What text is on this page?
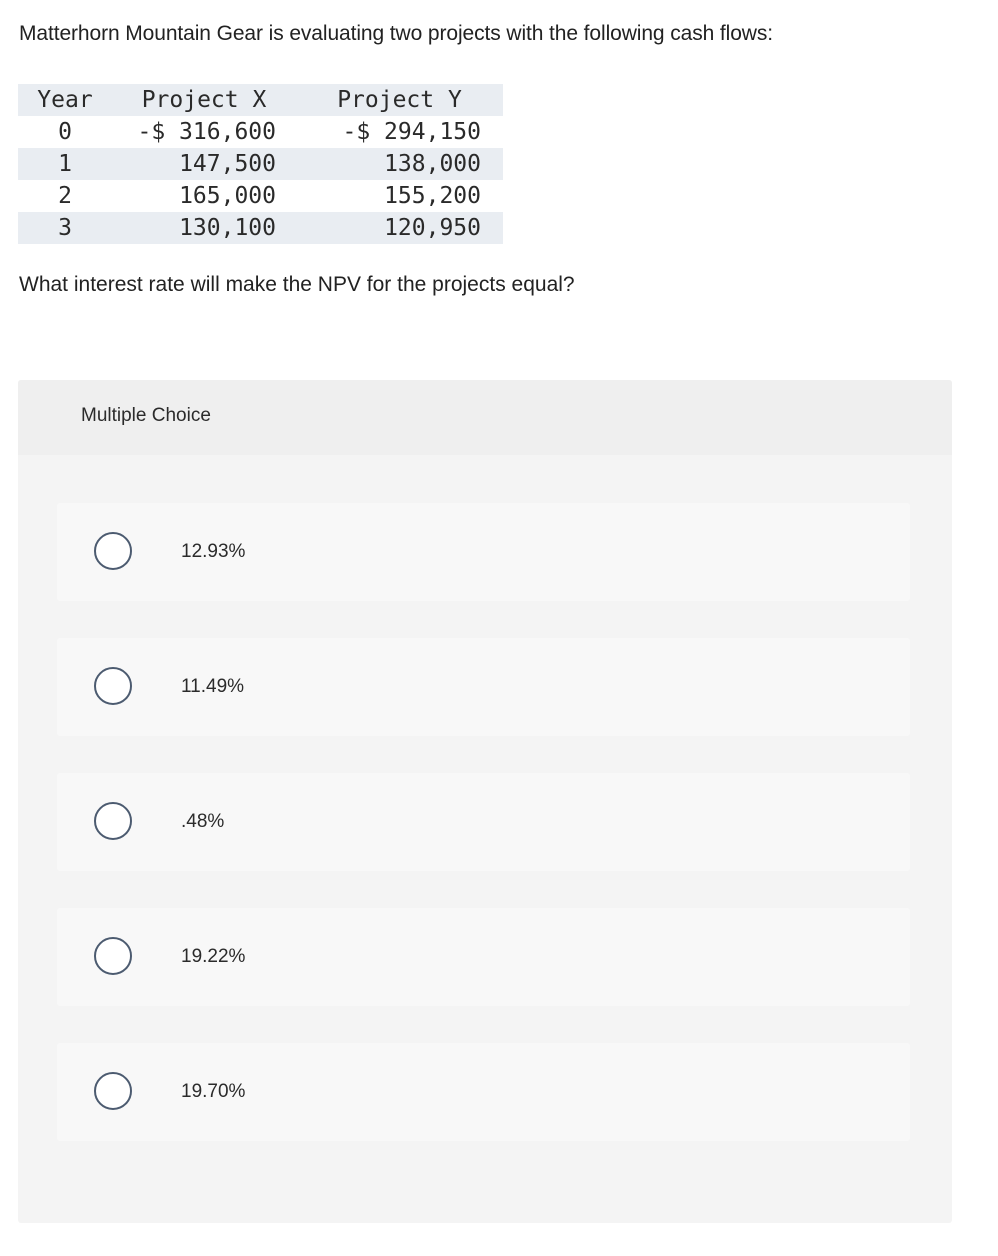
Matterhorn Mountain Gear is evaluating two projects with the following cash flows:
Year	Project X	Project Y
0	-$ 316,600	-$ 294,150
1	147,500	138,000
2	165,000	155,200
3	130,100	120,950
What interest rate will make the NPV for the projects equal?
Multiple Choice
12.93%
11.49%
.48%
19.22%
19.70%
